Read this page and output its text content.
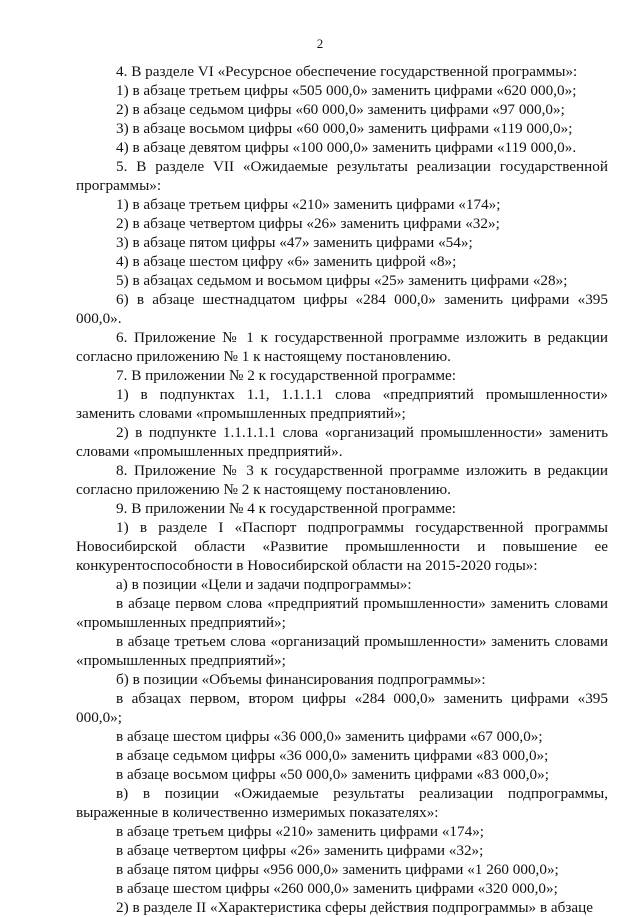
2

4. В разделе VI «Ресурсное обеспечение государственной программы»:

1) в абзаце третьем цифры «505 000,0» заменить цифрами «620 000,0»;

2) в абзаце седьмом цифры «60 000,0» заменить цифрами «97 000,0»;

3) в абзаце восьмом цифры «60 000,0» заменить цифрами «119 000,0»;

4) в абзаце девятом цифры «100 000,0» заменить цифрами «119 000,0».

5. В разделе VII «Ожидаемые результаты реализации государственной программы»:

1) в абзаце третьем цифры «210» заменить цифрами «174»;

2) в абзаце четвертом цифры «26» заменить цифрами «32»;

3) в абзаце пятом цифры «47» заменить цифрами «54»;

4) в абзаце шестом цифру «6» заменить цифрой «8»;

5) в абзацах седьмом и восьмом цифры «25» заменить цифрами «28»;

6) в абзаце шестнадцатом цифры «284 000,0» заменить цифрами «395 000,0».

6. Приложение № 1 к государственной программе изложить в редакции согласно приложению № 1 к настоящему постановлению.

7. В приложении № 2 к государственной программе:

1) в подпунктах 1.1, 1.1.1.1 слова «предприятий промышленности» заменить словами «промышленных предприятий»;

2) в подпункте 1.1.1.1.1 слова «организаций промышленности» заменить словами «промышленных предприятий».

8. Приложение № 3 к государственной программе изложить в редакции согласно приложению № 2 к настоящему постановлению.

9. В приложении № 4 к государственной программе:

1) в разделе I «Паспорт подпрограммы государственной программы Новосибирской области «Развитие промышленности и повышение ее конкурентоспособности в Новосибирской области на 2015-2020 годы»:

а) в позиции «Цели и задачи подпрограммы»:

в абзаце первом слова «предприятий промышленности» заменить словами «промышленных предприятий»;

в абзаце третьем слова «организаций промышленности» заменить словами «промышленных предприятий»;

б) в позиции «Объемы финансирования подпрограммы»:

в абзацах первом, втором цифры «284 000,0» заменить цифрами «395 000,0»;

в абзаце шестом цифры «36 000,0» заменить цифрами «67 000,0»;

в абзаце седьмом цифры «36 000,0» заменить цифрами «83 000,0»;

в абзаце восьмом цифры «50 000,0» заменить цифрами «83 000,0»;

в) в позиции «Ожидаемые результаты реализации подпрограммы, выраженные в количественно измеримых показателях»:

в абзаце третьем цифры «210» заменить цифрами «174»;

в абзаце четвертом цифры «26» заменить цифрами «32»;

в абзаце пятом цифры «956 000,0» заменить цифрами «1 260 000,0»;

в абзаце шестом цифры «260 000,0» заменить цифрами «320 000,0»;

2) в разделе II «Характеристика сферы действия подпрограммы» в абзаце
